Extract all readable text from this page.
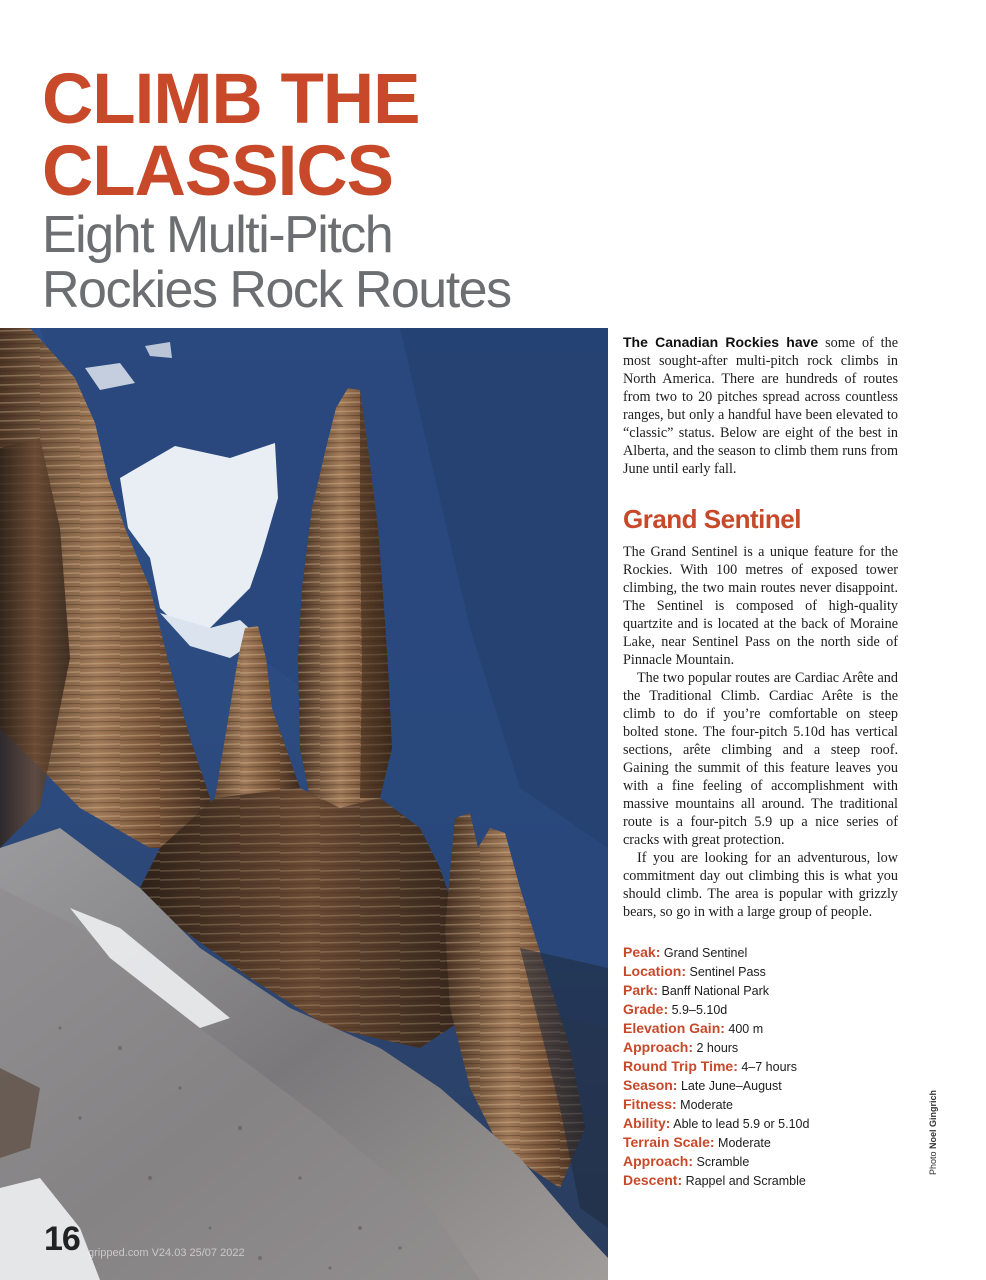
CLIMB THE
CLASSICS
Eight Multi-Pitch
Rockies Rock Routes
16 gripped.com V24.03 25/07 2022

The Canadian Rockies have some of the most sought-after multi-pitch rock climbs in North America. There are hundreds of routes from two to 20 pitches spread across countless ranges, but only a handful have been elevated to “classic” status. Below are eight of the best in Alberta, and the season to climb them runs from June until early fall.

Grand Sentinel

The Grand Sentinel is a unique feature for the Rockies. With 100 metres of exposed tower climbing, the two main routes never disappoint. The Sentinel is composed of high-quality quartzite and is located at the back of Moraine Lake, near Sentinel Pass on the north side of Pinnacle Mountain.

The two popular routes are Cardiac Arête and the Traditional Climb. Cardiac Arête is the climb to do if you’re comfortable on steep bolted stone. The four-pitch 5.10d has vertical sections, arête climbing and a steep roof. Gaining the summit of this feature leaves you with a fine feeling of accomplishment with massive mountains all around. The traditional route is a four-pitch 5.9 up a nice series of cracks with great protection.

If you are looking for an adventurous, low commitment day out climbing this is what you should climb. The area is popular with grizzly bears, so go in with a large group of people.

Peak: Grand Sentinel
Location: Sentinel Pass
Park: Banff National Park
Grade: 5.9–5.10d
Elevation Gain: 400 m
Approach: 2 hours
Round Trip Time: 4–7 hours
Season: Late June–August
Fitness: Moderate
Ability: Able to lead 5.9 or 5.10d
Terrain Scale: Moderate
Approach: Scramble
Descent: Rappel and Scramble
Photo Noel Gingrich
